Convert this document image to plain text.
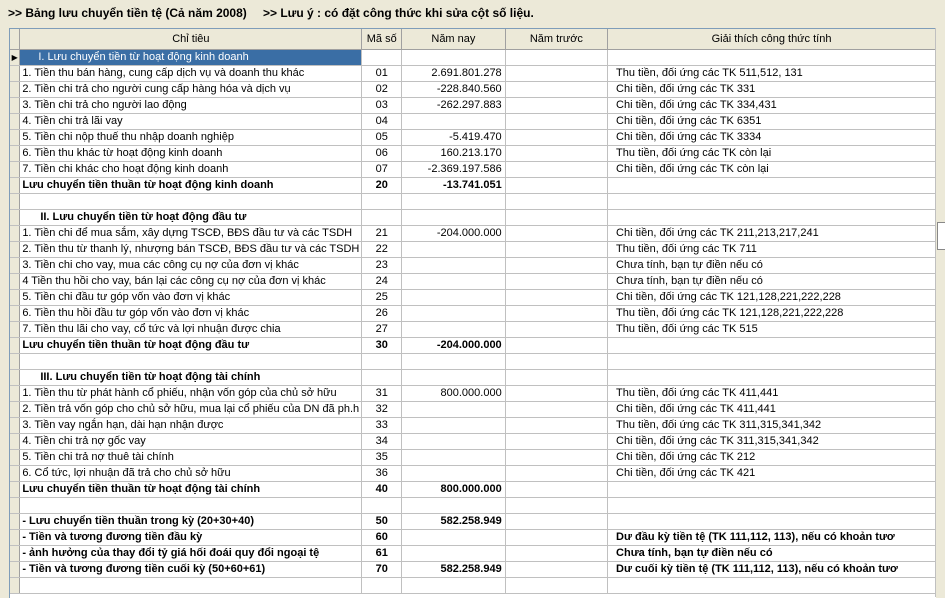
>> Bảng lưu chuyển tiền tệ (Cả năm 2008) >> Lưu ý : có đặt công thức khi sửa cột số liệu.
	Chỉ tiêu	Mã số	Năm nay	Năm trước	Giải thích công thức tính
▶	I. Lưu chuyển tiền từ hoạt động kinh doanh				
	1. Tiền thu bán hàng, cung cấp dịch vụ và doanh thu khác	01	2.691.801.278		Thu tiền, đối ứng các TK 511,512, 131
	2. Tiền chi trả cho người cung cấp hàng hóa và dịch vụ	02	-228.840.560		Chi tiền, đối ứng các TK 331
	3. Tiền chi trả cho người lao động	03	-262.297.883		Chi tiền, đối ứng các TK 334,431
	4. Tiền chi trả lãi vay	04			Chi tiền, đối ứng các TK 6351
	5. Tiền chi nộp thuế thu nhập doanh nghiệp	05	-5.419.470		Chi tiền, đối ứng các TK 3334
	6. Tiền thu khác từ hoạt động kinh doanh	06	160.213.170		Thu tiền, đối ứng các TK còn lại
	7. Tiền chi khác cho hoạt động kinh doanh	07	-2.369.197.586		Chi tiền, đối ứng các TK còn lại
	Lưu chuyển tiền thuần từ hoạt động kinh doanh	20	-13.741.051		

	II. Lưu chuyển tiền từ hoạt động đầu tư				
	1. Tiền chi để mua sắm, xây dựng TSCĐ, BĐS đầu tư và các TSDH	21	-204.000.000		Chi tiền, đối ứng các TK 211,213,217,241
	2. Tiền thu từ thanh lý, nhượng bán TSCĐ, BĐS đầu tư và các TSDH	22			Thu tiền, đối ứng các TK 711
	3. Tiền chi cho vay, mua các công cụ nợ của đơn vị khác	23			Chưa tính, bạn tự điền nếu có
	4 Tiền thu hồi cho vay, bán lại các công cụ nợ của đơn vị khác	24			Chưa tính, bạn tự điền nếu có
	5. Tiền chi đầu tư góp vốn vào đơn vị khác	25			Chi tiền, đối ứng các TK 121,128,221,222,228
	6. Tiền thu hồi đầu tư góp vốn vào đơn vị khác	26			Thu tiền, đối ứng các TK 121,128,221,222,228
	7. Tiền thu lãi cho vay, cổ tức và lợi nhuận được chia	27			Thu tiền, đối ứng các TK 515
	Lưu chuyển tiền thuần từ hoạt động đầu tư	30	-204.000.000		

	III. Lưu chuyển tiền từ hoạt động tài chính				
	1. Tiền thu từ phát hành cổ phiếu, nhận vốn góp của chủ sở hữu	31	800.000.000		Thu tiền, đối ứng các TK 411,441
	2. Tiền trả vốn góp cho chủ sở hữu, mua lại cổ phiếu của DN đã ph.h	32			Chi tiền, đối ứng các TK 411,441
	3. Tiền vay ngắn hạn, dài hạn nhận được	33			Thu tiền, đối ứng các TK 311,315,341,342
	4. Tiền chi trả nợ gốc vay	34			Chi tiền, đối ứng các TK 311,315,341,342
	5. Tiền chi trả nợ thuê tài chính	35			Chi tiền, đối ứng các TK 212
	6. Cổ tức, lợi nhuận đã trả cho chủ sở hữu	36			Chi tiền, đối ứng các TK 421
	Lưu chuyển tiền thuần từ hoạt động tài chính	40	800.000.000		

	- Lưu chuyển tiền thuần trong kỳ (20+30+40)	50	582.258.949		
	- Tiền và tương đương tiền đầu kỳ	60			Dư đầu kỳ tiền tệ (TK 111,112, 113), nếu có khoản tươ
	- ảnh hưởng của thay đổi tỷ giá hối đoái quy đổi ngoại tệ	61			Chưa tính, bạn tự điền nếu có
	- Tiền và tương đương tiền cuối kỳ (50+60+61)	70	582.258.949		Dư cuối kỳ tiền tệ (TK 111,112, 113), nếu có khoản tươ
